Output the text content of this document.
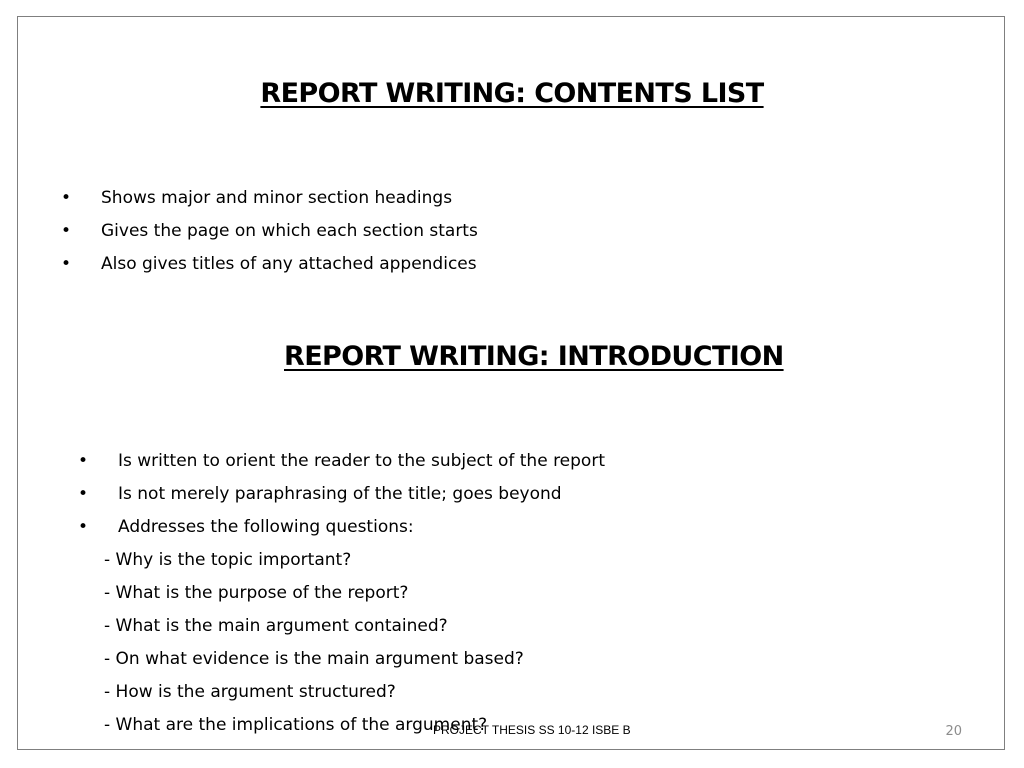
REPORT WRITING: CONTENTS LIST
• Shows major and minor section headings
• Gives the page on which each section starts
• Also gives titles of any attached appendices
REPORT WRITING: INTRODUCTION
• Is written to orient the reader to the subject of the report
• Is not merely paraphrasing of the title; goes beyond
• Addresses the following questions:
- Why is the topic important?
- What is the purpose of the report?
- What is the main argument contained?
- On what evidence is the main argument based?
- How is the argument structured?
- What are the implications of the argument?
PROJECT THESIS SS 10-12 ISBE B	20
